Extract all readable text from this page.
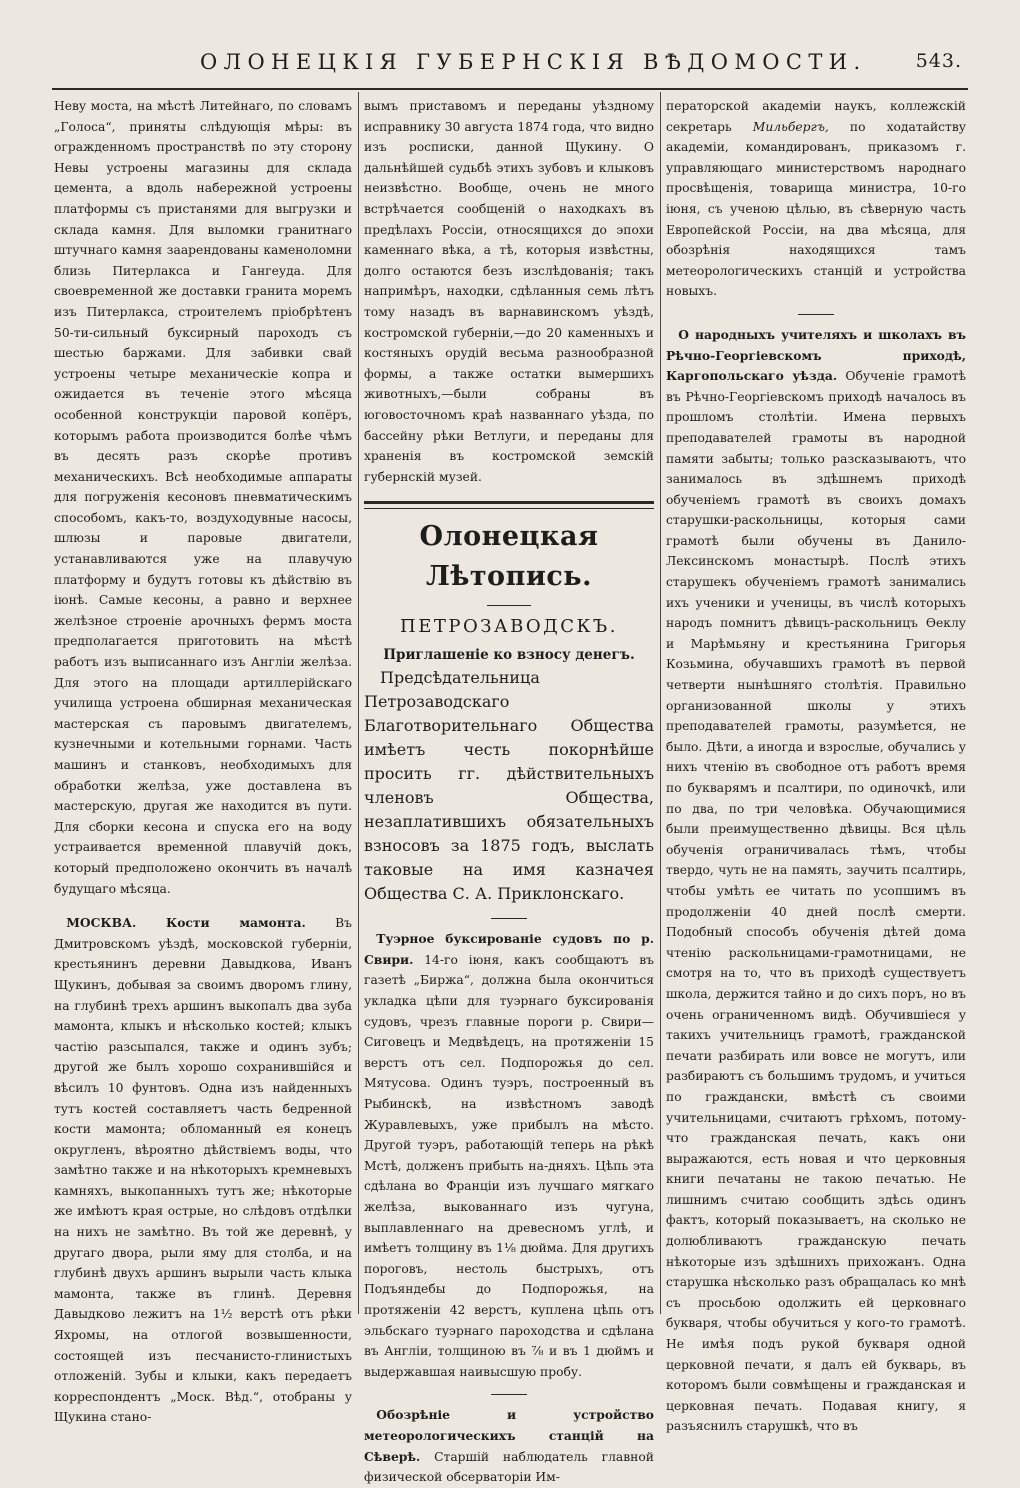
ОЛОНЕЦКІЯ ГУБЕРНСКІЯ ВѢДОМОСТИ.	543.

Неву моста, на мѣстѣ Литейнаго, по словамъ „Голоса“, приняты слѣдующія мѣры: въ огражденномъ пространствѣ по эту сторону Невы устроены магазины для склада цемента, а вдоль набережной устроены платформы съ пристанями для выгрузки и склада камня. Для выломки гранитнаго штучнаго камня заарендованы каменоломни близь Питерлакса и Гангеуда. Для своевременной же доставки гранита моремъ изъ Питерлакса, строителемъ пріобрѣтенъ 50-ти-сильный буксирный пароходъ съ шестью баржами. Для забивки свай устроены четыре механическіе копра и ожидается въ теченіе этого мѣсяца особенной конструкціи паровой копёръ, которымъ работа производится болѣе чѣмъ въ десять разъ скорѣе противъ механическихъ. Всѣ необходимые аппараты для погруженія кесоновъ пневматическимъ способомъ, какъ-то, воздуходувные насосы, шлюзы и паровые двигатели, устанавливаются уже на плавучую платформу и будутъ готовы къ дѣйствію въ іюнѣ. Самые кесоны, а равно и верхнее желѣзное строеніе арочныхъ фермъ моста предполагается приготовить на мѣстѣ работъ изъ выписаннаго изъ Англіи желѣза. Для этого на площади артиллерійскаго училища устроена обширная механическая мастерская съ паровымъ двигателемъ, кузнечными и котельными горнами. Часть машинъ и станковъ, необходимыхъ для обработки желѣза, уже доставлена въ мастерскую, другая же находится въ пути. Для сборки кесона и спуска его на воду устраивается временной плавучій докъ, который предположено окончить въ началѣ будущаго мѣсяца.

МОСКВА. Кости мамонта. Въ Дмитровскомъ уѣздѣ, московской губерніи, крестьянинъ деревни Давыдкова, Иванъ Щукинъ, добывая за своимъ дворомъ глину, на глубинѣ трехъ аршинъ выкопалъ два зуба мамонта, клыкъ и нѣсколько костей; клыкъ частію разсыпался, также и одинъ зубъ; другой же былъ хорошо сохранившійся и вѣсилъ 10 фунтовъ. Одна изъ найденныхъ тутъ костей составляетъ часть бедренной кости мамонта; обломанный ея конецъ округленъ, вѣроятно дѣйствіемъ воды, что замѣтно также и на нѣкоторыхъ кремневыхъ камняхъ, выкопанныхъ тутъ же; нѣкоторые же имѣютъ края острые, но слѣдовъ отдѣлки на нихъ не замѣтно. Въ той же деревнѣ, у другаго двора, рыли яму для столба, и на глубинѣ двухъ аршинъ вырыли часть клыка мамонта, также въ глинѣ. Деревня Давыдково лежитъ на 1½ верстѣ отъ рѣки Яхромы, на отлогой возвышенности, состоящей изъ песчанисто-глинистыхъ отложеній. Зубы и клыки, какъ передаетъ корреспондентъ „Моск. Вѣд.“, отобраны у Щукина стано-

вымъ приставомъ и переданы уѣздному исправнику 30 августа 1874 года, что видно изъ росписки, данной Щукину. О дальнѣйшей судьбѣ этихъ зубовъ и клыковъ неизвѣстно. Вообще, очень не много встрѣчается сообщеній о находкахъ въ предѣлахъ Россіи, относящихся до эпохи каменнаго вѣка, а тѣ, которыя извѣстны, долго остаются безъ изслѣдованія; такъ напримѣръ, находки, сдѣланныя семь лѣтъ тому назадъ въ варнавинскомъ уѣздѣ, костромской губерніи,—до 20 каменныхъ и костяныхъ орудій весьма разнообразной формы, а также остатки вымершихъ животныхъ,—были собраны въ юговосточномъ краѣ названнаго уѣзда, по бассейну рѣки Ветлуги, и переданы для храненія въ костромской земскій губернскій музей.

Олонецкая Лѣтопись.
ПЕТРОЗАВОДСКЪ.
Приглашеніе ко взносу денегъ.

Предсѣдательница Петрозаводскаго Благотворительнаго Общества имѣетъ честь покорнѣйше просить гг. дѣйствительныхъ членовъ Общества, незаплатившихъ обязательныхъ взносовъ за 1875 годъ, выслать таковые на имя казначея Общества С. А. Приклонскаго.

Туэрное буксированіе судовъ по р. Свири. 14-го іюня, какъ сообщаютъ въ газетѣ „Биржа“, должна была окончиться укладка цѣпи для туэрнаго буксированія судовъ, чрезъ главные пороги р. Свири—Сиговецъ и Медвѣдецъ, на протяженіи 15 верстъ отъ сел. Подпорожья до сел. Мятусова. Одинъ туэръ, построенный въ Рыбинскѣ, на извѣстномъ заводѣ Журавлевыхъ, уже прибылъ на мѣсто. Другой туэръ, работающій теперь на рѣкѣ Мстѣ, долженъ прибыть на-дняхъ. Цѣпь эта сдѣлана во Франціи изъ лучшаго мягкаго желѣза, выкованнаго изъ чугуна, выплавленнаго на древесномъ углѣ, и имѣетъ толщину въ 1⅛ дюйма. Для другихъ пороговъ, нестоль быстрыхъ, отъ Подъяндебы до Подпорожья, на протяженіи 42 верстъ, куплена цѣпь отъ эльбскаго туэрнаго пароходства и сдѣлана въ Англіи, толщиною въ ⅞ и въ 1 дюймъ и выдержавшая наивысшую пробу.

Обозрѣніе и устройство метеорологическихъ станцій на Сѣверѣ. Старшій наблюдатель главной физической обсерваторіи Им-

ператорской академіи наукъ, коллежскій секретарь Мильбергъ, по ходатайству академіи, командированъ, приказомъ г. управляющаго министерствомъ народнаго просвѣщенія, товарища министра, 10-го іюня, съ ученою цѣлью, въ сѣверную часть Европейской Россіи, на два мѣсяца, для обозрѣнія находящихся тамъ метеорологическихъ станцій и устройства новыхъ.

О народныхъ учителяхъ и школахъ въ Рѣчно-Георгіевскомъ приходѣ, Каргопольскаго уѣзда. Обученіе грамотѣ въ Рѣчно-Георгіевскомъ приходѣ началось въ прошломъ столѣтіи. Имена первыхъ преподавателей грамоты въ народной памяти забыты; только разсказываютъ, что занималось въ здѣшнемъ приходѣ обученіемъ грамотѣ въ своихъ домахъ старушки-раскольницы, которыя сами грамотѣ были обучены въ Данило-Лексинскомъ монастырѣ. Послѣ этихъ старушекъ обученіемъ грамотѣ занимались ихъ ученики и ученицы, въ числѣ которыхъ народъ помнитъ дѣвицъ-раскольницъ Ѳеклу и Марѣмьяну и крестьянина Григорья Козьмина, обучавшихъ грамотѣ въ первой четверти нынѣшняго столѣтія. Правильно организованной школы у этихъ преподавателей грамоты, разумѣется, не было. Дѣти, а иногда и взрослые, обучались у нихъ чтенію въ свободное отъ работъ время по букварямъ и псалтири, по одиночкѣ, или по два, по три человѣка. Обучающимися были преимущественно дѣвицы. Вся цѣль обученія ограничивалась тѣмъ, чтобы твердо, чуть не на память, заучить псалтирь, чтобы умѣть ее читать по усопшимъ въ продолженіи 40 дней послѣ смерти. Подобный способъ обученія дѣтей дома чтенію раскольницами-грамотницами, не смотря на то, что въ приходѣ существуетъ школа, держится тайно и до сихъ поръ, но въ очень ограниченномъ видѣ. Обучившіеся у такихъ учительницъ грамотѣ, гражданской печати разбирать или вовсе не могутъ, или разбираютъ съ большимъ трудомъ, и учиться по граждански, вмѣстѣ съ своими учительницами, считаютъ грѣхомъ, потому-что гражданская печать, какъ они выражаются, есть новая и что церковныя книги печатаны не такою печатью. Не лишнимъ считаю сообщить здѣсь одинъ фактъ, который показываетъ, на сколько не долюбливаютъ гражданскую печать нѣкоторые изъ здѣшнихъ прихожанъ. Одна старушка нѣсколько разъ обращалась ко мнѣ съ просьбою одолжить ей церковнаго букваря, чтобы обучиться у кого-то грамотѣ. Не имѣя подъ рукой букваря одной церковной печати, я далъ ей букварь, въ которомъ были совмѣщены и гражданская и церковная печать. Подавая книгу, я разъяснилъ старушкѣ, что въ
